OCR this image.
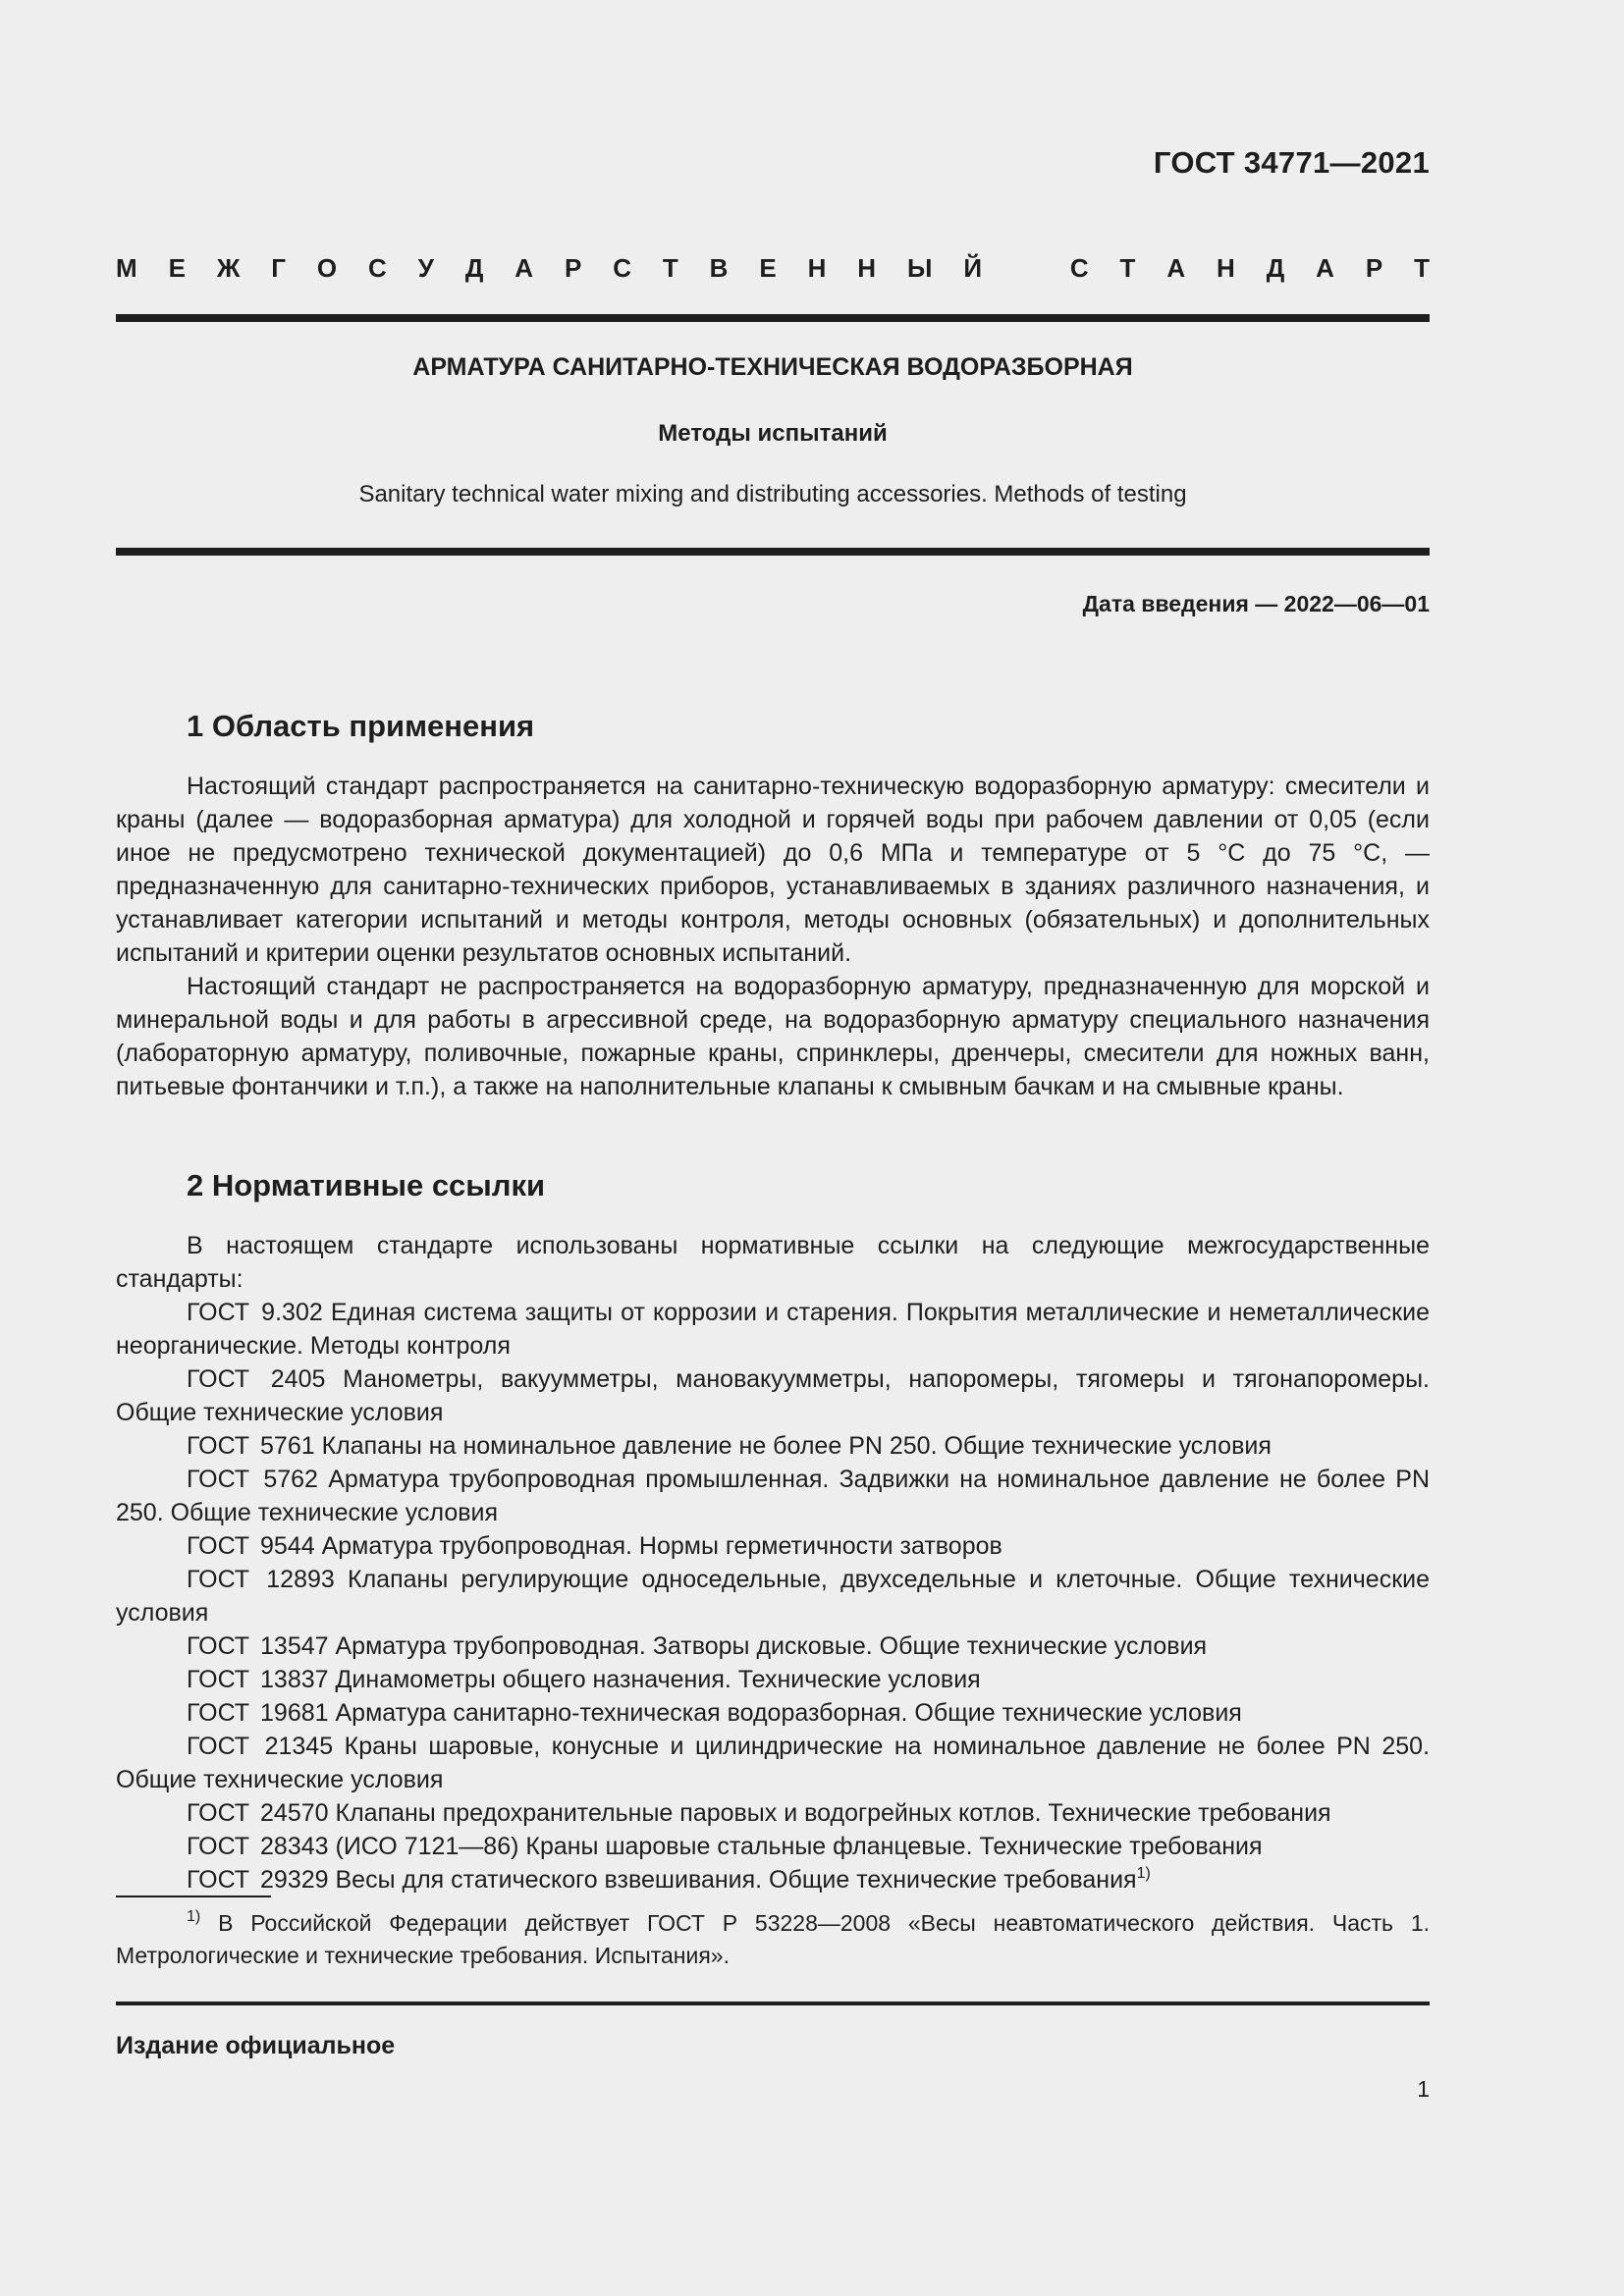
ГОСТ 34771—2021
М Е Ж Г О С У Д А Р С Т В Е Н Н Ы Й	С Т А Н Д А Р Т
АРМАТУРА САНИТАРНО-ТЕХНИЧЕСКАЯ ВОДОРАЗБОРНАЯ
Методы испытаний
Sanitary technical water mixing and distributing accessories. Methods of testing
Дата введения — 2022—06—01
1 Область применения

Настоящий стандарт распространяется на санитарно-техническую водоразборную арматуру: смесители и краны (далее — водоразборная арматура) для холодной и горячей воды при рабочем давлении от 0,05 (если иное не предусмотрено технической документацией) до 0,6 МПа и температуре от 5 °С до 75 °С, — предназначенную для санитарно-технических приборов, устанавливаемых в зданиях различного назначения, и устанавливает категории испытаний и методы контроля, методы основных (обязательных) и дополнительных испытаний и критерии оценки результатов основных испытаний.

Настоящий стандарт не распространяется на водоразборную арматуру, предназначенную для морской и минеральной воды и для работы в агрессивной среде, на водоразборную арматуру специального назначения (лабораторную арматуру, поливочные, пожарные краны, спринклеры, дренчеры, смесители для ножных ванн, питьевые фонтанчики и т.п.), а также на наполнительные клапаны к смывным бачкам и на смывные краны.

2 Нормативные ссылки

В настоящем стандарте использованы нормативные ссылки на следующие межгосударственные стандарты:

ГОСТ 9.302 Единая система защиты от коррозии и старения. Покрытия металлические и неметаллические неорганические. Методы контроля

ГОСТ 2405 Манометры, вакуумметры, мановакуумметры, напоромеры, тягомеры и тягонапоромеры. Общие технические условия

ГОСТ 5761 Клапаны на номинальное давление не более PN 250. Общие технические условия

ГОСТ 5762 Арматура трубопроводная промышленная. Задвижки на номинальное давление не более PN 250. Общие технические условия

ГОСТ 9544 Арматура трубопроводная. Нормы герметичности затворов

ГОСТ 12893 Клапаны регулирующие односедельные, двухседельные и клеточные. Общие технические условия

ГОСТ 13547 Арматура трубопроводная. Затворы дисковые. Общие технические условия

ГОСТ 13837 Динамометры общего назначения. Технические условия

ГОСТ 19681 Арматура санитарно-техническая водоразборная. Общие технические условия

ГОСТ 21345 Краны шаровые, конусные и цилиндрические на номинальное давление не более PN 250. Общие технические условия

ГОСТ 24570 Клапаны предохранительные паровых и водогрейных котлов. Технические требования

ГОСТ 28343 (ИСО 7121—86) Краны шаровые стальные фланцевые. Технические требования

ГОСТ 29329 Весы для статического взвешивания. Общие технические требования$^{1)}$

$^{1)}$ В Российской Федерации действует ГОСТ Р 53228—2008 «Весы неавтоматического действия. Часть 1. Метрологические и технические требования. Испытания».

Издание официальное
1
